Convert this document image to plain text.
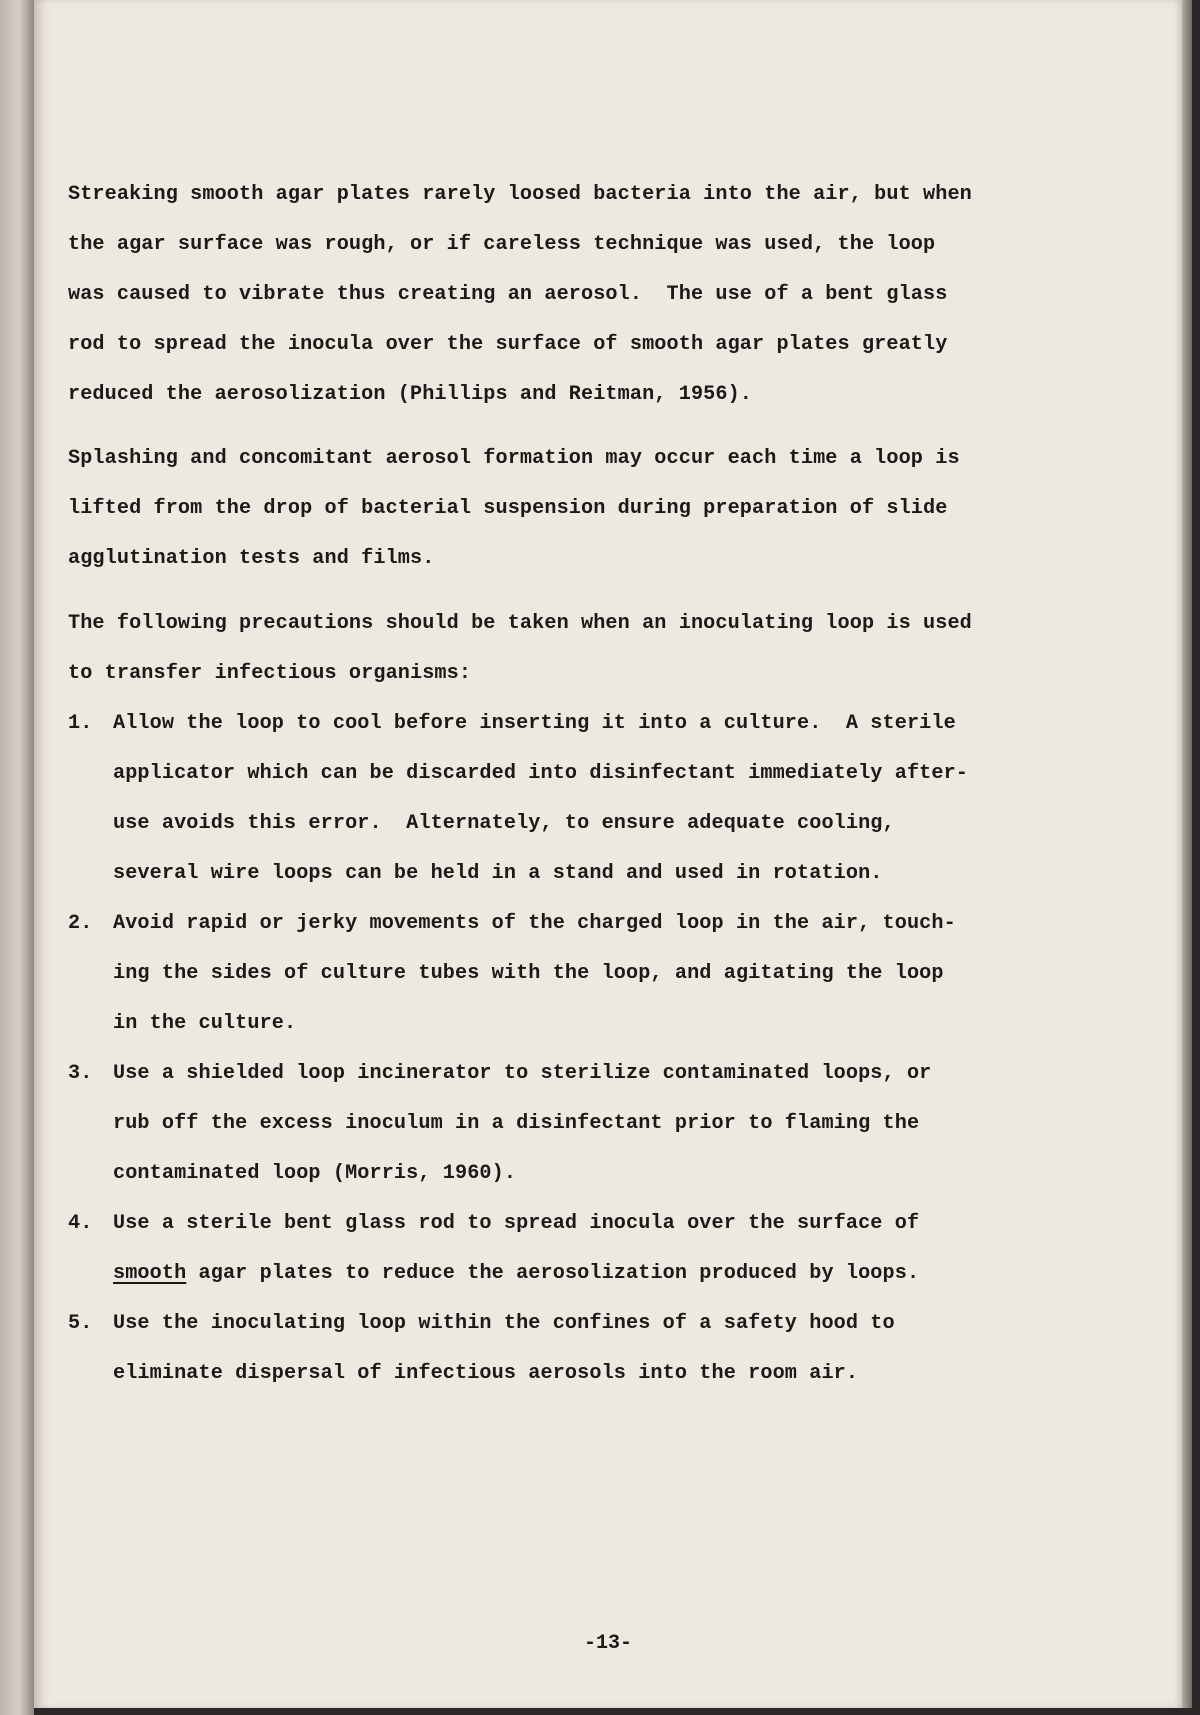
Streaking smooth agar plates rarely loosed bacteria into the air, but when
the agar surface was rough, or if careless technique was used, the loop
was caused to vibrate thus creating an aerosol.  The use of a bent glass
rod to spread the inocula over the surface of smooth agar plates greatly
reduced the aerosolization (Phillips and Reitman, 1956).

Splashing and concomitant aerosol formation may occur each time a loop is
lifted from the drop of bacterial suspension during preparation of slide
agglutination tests and films.

The following precautions should be taken when an inoculating loop is used
to transfer infectious organisms:

1. Allow the loop to cool before inserting it into a culture.  A sterile
applicator which can be discarded into disinfectant immediately after-
use avoids this error.  Alternately, to ensure adequate cooling,
several wire loops can be held in a stand and used in rotation.
2. Avoid rapid or jerky movements of the charged loop in the air, touch-
ing the sides of culture tubes with the loop, and agitating the loop
in the culture.
3. Use a shielded loop incinerator to sterilize contaminated loops, or
rub off the excess inoculum in a disinfectant prior to flaming the
contaminated loop (Morris, 1960).
4. Use a sterile bent glass rod to spread inocula over the surface of
smooth agar plates to reduce the aerosolization produced by loops.
5. Use the inoculating loop within the confines of a safety hood to
eliminate dispersal of infectious aerosols into the room air.
-13-
